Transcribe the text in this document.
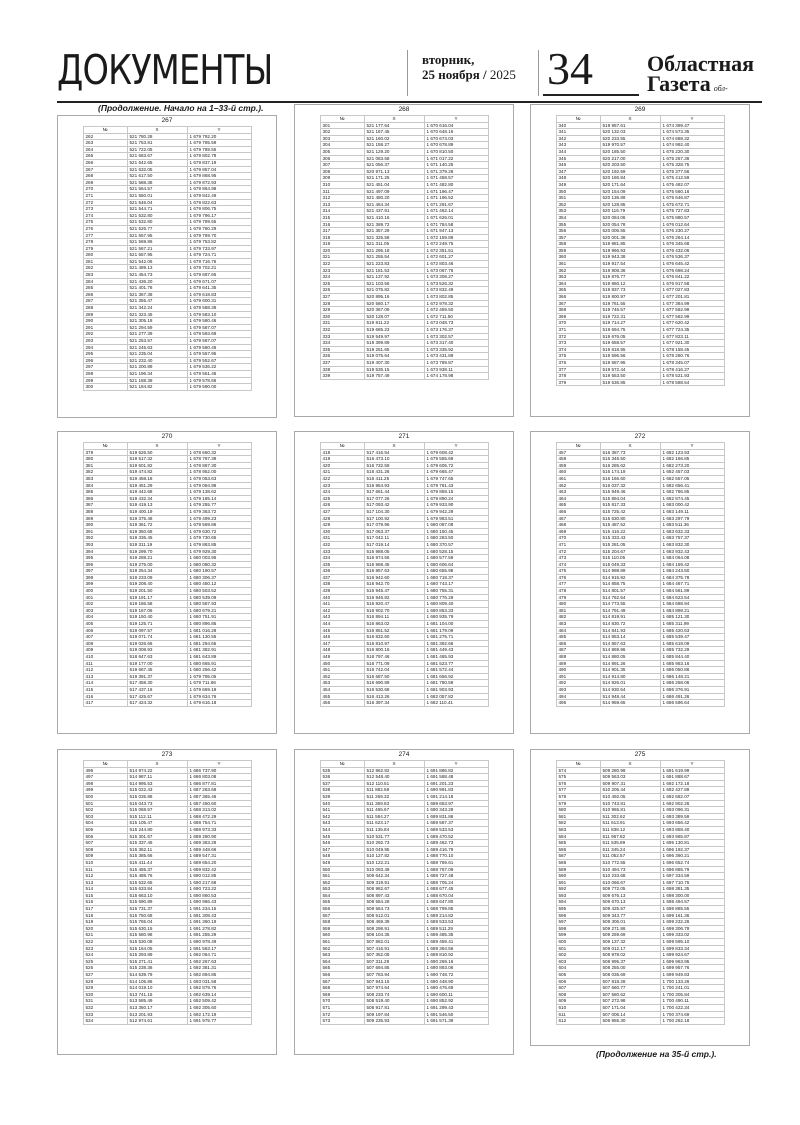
ДОКУМЕНТЫ	вторник,
25 ноября / 2025 34 Областная
Газета обл-
(Продолжение. Начало на 1–33-й стр.).
(Продолжение на 35-й стр.).
267
№	X	Y
262	521 780.28	1 679 792.20
263	521 753.81	1 679 785.59
264	521 722.05	1 679 789.55
265	521 683.67	1 679 802.78
266	521 642.65	1 679 837.19
267	521 632.05	1 679 857.04
268	521 617.50	1 679 868.95
269	521 588.38	1 679 872.93
270	521 564.57	1 679 864.98
271	521 550.01	1 679 842.49
272	521 546.04	1 679 822.63
273	521 544.71	1 679 806.75
274	521 532.80	1 679 796.17
275	521 532.80	1 679 789.55
276	521 526.77	1 679 780.29
277	521 557.95	1 679 769.70
278	521 569.86	1 679 753.82
279	521 567.21	1 679 733.97
280	521 557.95	1 679 724.71
281	521 542.06	1 679 716.76
282	521 489.13	1 679 702.21
283	521 454.73	1 679 687.65
284	521 436.20	1 679 671.07
285	521 401.78	1 679 641.35
286	521 367.38	1 679 618.83
287	521 355.47	1 679 600.31
288	521 342.24	1 679 588.39
289	521 323.45	1 679 583.10
290	521 305.18	1 679 580.46
291	521 294.59	1 679 587.07
292	521 277.39	1 679 593.69
293	521 253.57	1 679 587.07
294	521 245.63	1 679 580.46
295	521 235.04	1 679 557.95
296	521 232.40	1 679 552.67
297	521 200.89	1 679 536.22
298	521 196.34	1 679 551.46
299	521 188.39	1 679 578.66
300	521 184.82	1 679 590.00
268
№	X	Y
301	521 177.64	1 670 616.04
302	521 167.45	1 670 648.16
303	521 160.02	1 670 673.03
304	521 158.27	1 670 678.89
305	521 129.20	1 670 810.50
306	521 083.58	1 671 017.22
307	521 056.37	1 671 140.25
308	520 971.13	1 671 379.28
309	521 171.25	1 671 458.57
310	521 451.04	1 671 482.80
311	521 497.09	1 671 196.47
312	521 480.20	1 671 196.52
313	521 464.34	1 671 291.67
314	521 437.91	1 671 462.14
315	521 410.16	1 671 626.01
316	521 389.72	1 671 784.58
317	521 357.29	1 671 947.13
318	521 325.58	1 672 159.89
319	521 311.05	1 672 249.75
320	521 295.18	1 672 351.51
321	521 255.54	1 672 601.27
322	521 223.83	1 672 803.46
323	521 181.53	1 673 067.76
324	521 137.92	1 673 308.27
325	521 103.56	1 673 526.32
326	521 075.82	1 673 832.49
327	520 895.16	1 673 802.85
328	520 580.17	1 672 978.32
329	520 367.09	1 672 459.50
330	520 128.07	1 672 711.50
331	519 811.22	1 673 048.73
332	519 685.23	1 673 176.37
333	519 549.97	1 673 302.57
334	519 399.89	1 673 317.40
335	519 251.65	1 673 335.92
336	519 075.64	1 673 431.89
337	519 407.30	1 673 789.87
338	519 535.15	1 673 938.11
339	519 757.49	1 674 178.98
269
№	X	Y
340	519 957.61	1 674 399.47
341	520 132.03	1 674 573.35
342	520 233.55	1 674 688.32
343	519 970.57	1 674 992.40
344	520 185.50	1 675 220.30
345	520 217.00	1 675 257.36
346	520 203.50	1 675 328.75
347	520 192.59	1 675 377.56
348	520 186.84	1 675 412.59
349	520 171.64	1 675 482.07
350	520 154.09	1 675 560.16
351	520 136.89	1 675 646.87
352	520 128.85	1 675 672.71
353	520 116.79	1 675 727.83
354	520 084.06	1 675 880.57
355	520 054.78	1 676 012.64
356	520 006.55	1 676 230.27
357	520 001.38	1 676 264.14
358	519 981.85	1 676 345.68
359	519 966.93	1 676 432.06
360	519 943.38	1 676 536.37
361	519 917.54	1 676 645.42
362	519 908.36	1 676 698.24
363	519 876.77	1 676 841.22
364	519 860.12	1 676 917.58
365	519 837.73	1 677 027.83
366	519 800.97	1 677 201.81
367	519 761.55	1 677 384.99
368	519 746.57	1 677 562.99
369	519 722.31	1 677 562.99
370	519 714.27	1 677 620.42
371	519 694.75	1 677 724.35
372	519 676.05	1 677 823.11
373	519 658.57	1 677 921.30
374	519 618.95	1 678 158.45
375	519 596.56	1 678 280.76
376	519 587.95	1 678 345.07
377	519 572.44	1 678 416.27
378	519 553.50	1 678 521.93
379	519 536.85	1 678 588.54
270
№	X	Y
379	519 526.50	1 678 660.32
380	519 517.32	1 678 787.39
381	519 501.82	1 678 867.30
382	519 474.82	1 678 952.00
383	519 458.18	1 679 053.63
384	519 451.29	1 679 094.98
385	519 442.68	1 679 138.62
386	519 432.34	1 679 185.14
387	519 419.13	1 679 255.77
388	519 400.19	1 679 363.72
389	519 375.48	1 679 499.23
390	519 361.72	1 679 569.86
391	519 350.68	1 679 630.72
392	519 336.45	1 679 730.65
393	519 311.19	1 679 863.85
394	519 299.70	1 679 929.30
395	519 288.21	1 680 003.95
396	519 275.00	1 680 080.32
397	519 254.34	1 680 190.57
398	519 233.09	1 680 306.37
399	519 208.40	1 680 450.12
400	519 201.50	1 680 503.52
401	519 191.17	1 680 539.09
402	519 186.58	1 680 587.93
403	519 167.06	1 680 679.21
404	519 150.40	1 680 751.91
405	519 125.71	1 680 896.85
406	519 097.57	1 681 016.28
407	519 071.74	1 681 130.55
408	519 026.66	1 681 294.65
409	519 008.93	1 681 382.91
410	518 647.63	1 681 643.89
411	519 177.00	1 680 665.91
412	519 667.45	1 680 256.42
413	519 391.37	1 679 795.05
414	517 458.30	1 679 711.66
415	517 437.16	1 679 669.19
416	517 425.67	1 679 634.76
417	517 424.32	1 679 616.18
271
№	X	Y
418	517 416.54	1 679 608.42
419	516 473.10	1 679 555.69
420	516 732.59	1 679 605.72
421	516 431.26	1 679 665.47
422	516 411.25	1 679 747.65
423	516 954.93	1 679 781.43
424	517 661.44	1 679 859.15
425	517 077.26	1 679 890.24
426	517 093.42	1 679 933.90
427	517 104.30	1 679 942.29
428	517 100.92	1 679 983.51
429	517 079.96	1 680 087.08
430	517 063.37	1 680 150.45
431	517 042.11	1 680 283.50
432	517 019.14	1 680 370.57
433	516 988.05	1 680 528.15
434	516 974.56	1 680 577.59
435	516 968.45	1 680 606.64
436	516 957.63	1 680 655.98
437	516 942.60	1 680 718.37
438	516 942.70	1 680 743.17
439	516 945.47	1 680 755.31
440	516 946.82	1 680 776.29
441	516 920.47	1 680 809.40
442	516 902.70	1 680 853.33
443	516 894.11	1 680 935.79
444	516 863.02	1 681 104.00
445	516 851.52	1 681 179.09
446	516 832.60	1 681 275.71
447	516 810.97	1 681 392.66
448	516 800.16	1 681 449.43
449	516 797.46	1 681 465.93
450	516 771.09	1 681 523.77
451	516 742.04	1 681 572.44
452	516 687.50	1 681 656.92
453	516 690.89	1 681 780.59
454	516 530.68	1 681 903.93
455	516 413.26	1 682 057.82
456	516 397.34	1 682 110.41
272
№	X	Y
457	516 387.73	1 682 123.93
458	516 346.50	1 682 166.85
459	516 285.62	1 682 273.20
460	516 174.19	1 682 457.03
461	516 166.60	1 682 557.05
462	516 037.32	1 682 656.41
463	515 949.46	1 682 786.85
464	515 894.04	1 682 874.45
465	515 817.33	1 683 000.42
466	515 725.42	1 683 149.11
467	515 630.80	1 683 297.79
468	515 487.52	1 683 511.36
469	515 416.22	1 683 632.33
470	515 333.43	1 683 757.37
471	515 281.05	1 683 832.30
472	515 204.67	1 683 932.43
473	515 110.05	1 684 064.08
474	515 049.33	1 684 159.42
475	514 998.89	1 684 243.50
476	514 915.92	1 684 375.78
477	514 858.75	1 684 467.71
478	514 801.57	1 684 561.89
479	514 762.54	1 684 623.54
480	514 773.55	1 684 688.94
481	514 791.49	1 684 898.21
482	514 819.91	1 685 121.30
483	514 830.72	1 685 311.99
484	514 841.93	1 685 420.63
485	514 853.14	1 685 539.47
486	514 857.63	1 685 618.09
487	514 869.96	1 685 732.29
488	514 880.05	1 685 844.40
489	514 891.26	1 685 953.16
490	514 901.35	1 686 050.86
491	514 914.80	1 686 148.21
492	514 926.01	1 686 258.06
493	514 930.54	1 686 376.91
494	514 948.44	1 686 491.26
495	514 959.65	1 686 596.64
273
№	X	Y
496	514 974.22	1 686 737.90
497	514 987.11	1 686 803.08
498	514 995.53	1 686 877.81
499	515 022.43	1 687 263.68
500	515 035.88	1 687 365.46
501	515 043.73	1 687 450.60
502	515 068.57	1 688 313.02
503	515 112.11	1 688 472.29
504	515 105.47	1 688 754.71
505	515 244.80	1 688 973.33
506	515 301.57	1 689 280.90
507	515 337.45	1 689 363.28
508	515 362.11	1 689 448.66
509	515 385.66	1 689 547.31
510	515 411.44	1 689 654.20
511	515 455.37	1 689 832.42
512	515 488.76	1 690 012.85
513	515 532.65	1 690 217.68
514	515 633.84	1 690 723.22
515	515 663.10	1 690 860.53
516	515 690.89	1 690 966.43
517	515 731.37	1 691 234.15
518	515 750.68	1 691 308.43
519	515 765.04	1 691 360.19
520	515 630.15	1 691 278.82
521	515 580.98	1 691 255.29
522	515 530.08	1 690 978.49
523	515 164.05	1 691 563.17
524	515 293.89	1 692 064.71
525	515 271.41	1 692 267.63
526	515 238.36	1 692 381.31
527	514 539.79	1 692 894.85
528	514 105.86	1 693 031.58
529	514 019.10	1 692 879.76
530	513 741.15	1 692 639.14
531	513 585.49	1 692 509.42
532	513 350.17	1 692 305.60
533	513 201.93	1 692 172.19
534	512 974.61	1 691 975.77
274
№	X	Y
535	512 862.82	1 691 886.82
536	512 548.40	1 691 588.48
537	512 110.51	1 691 201.23
538	511 882.59	1 690 991.83
539	511 269.32	1 691 214.18
540	511 369.83	1 689 653.97
541	511 465.67	1 690 343.28
542	511 584.27	1 689 831.86
543	511 623.17	1 689 587.37
544	511 135.84	1 689 533.53
545	510 531.77	1 689 470.52
546	510 292.73	1 689 462.73
547	510 049.95	1 689 416.79
548	510 127.82	1 688 770.10
549	510 122.21	1 688 769.61
550	510 093.49	1 688 767.09
551	509 642.34	1 688 727.48
552	509 319.91	1 688 705.24
553	508 982.67	1 688 677.45
554	508 897.43	1 688 670.04
555	508 584.28	1 688 647.80
556	508 564.73	1 688 799.85
557	508 512.01	1 689 214.82
558	508 469.39	1 689 533.53
559	508 298.91	1 689 511.29
560	508 104.35	1 689 485.35
561	507 882.01	1 689 459.41
562	507 416.91	1 689 394.56
563	507 352.05	1 689 810.92
564	507 311.28	1 690 269.16
565	507 694.85	1 690 893.06
566	507 783.94	1 690 748.72
567	507 943.15	1 690 448.90
568	507 974.64	1 690 476.69
569	508 233.74	1 690 600.11
570	508 519.40	1 690 852.92
571	508 917.81	1 691 299.43
572	509 197.84	1 691 546.50
573	509 235.93	1 691 571.39
275
№	X	Y
574	509 280.99	1 691 619.99
575	509 563.03	1 691 888.67
576	509 907.31	1 692 172.18
577	510 205.44	1 692 427.89
578	510 492.05	1 692 682.07
579	510 743.81	1 692 902.26
580	510 965.81	1 693 096.31
581	511 302.62	1 693 389.59
582	511 613.91	1 693 656.42
583	511 838.12	1 693 858.40
584	511 967.82	1 693 965.87
585	511 535.89	1 695 130.81
586	511 345.24	1 696 192.37
587	511 052.57	1 696 360.21
588	510 772.55	1 696 652.74
589	510 494.73	1 696 865.79
590	510 233.68	1 697 334.59
591	510 066.67	1 697 710.75
592	509 772.05	1 698 381.35
593	509 676.13	1 698 300.00
594	509 670.13	1 698 494.57
595	509 425.57	1 698 885.55
596	509 343.77	1 699 161.36
597	509 306.01	1 699 232.26
598	509 271.86	1 699 306.79
599	509 259.69	1 699 333.02
600	509 137.32	1 699 595.10
601	509 012.17	1 699 833.34
602	508 978.02	1 699 924.67
603	508 995.37	1 699 963.95
604	508 255.00	1 699 957.76
605	508 035.69	1 699 949.83
606	507 818.28	1 700 133.26
607	507 660.77	1 700 241.01
608	507 580.62	1 700 305.84
609	507 272.98	1 700 490.11
610	507 171.04	1 700 422.34
611	507 006.14	1 700 374.69
612	506 955.30	1 700 262.18
